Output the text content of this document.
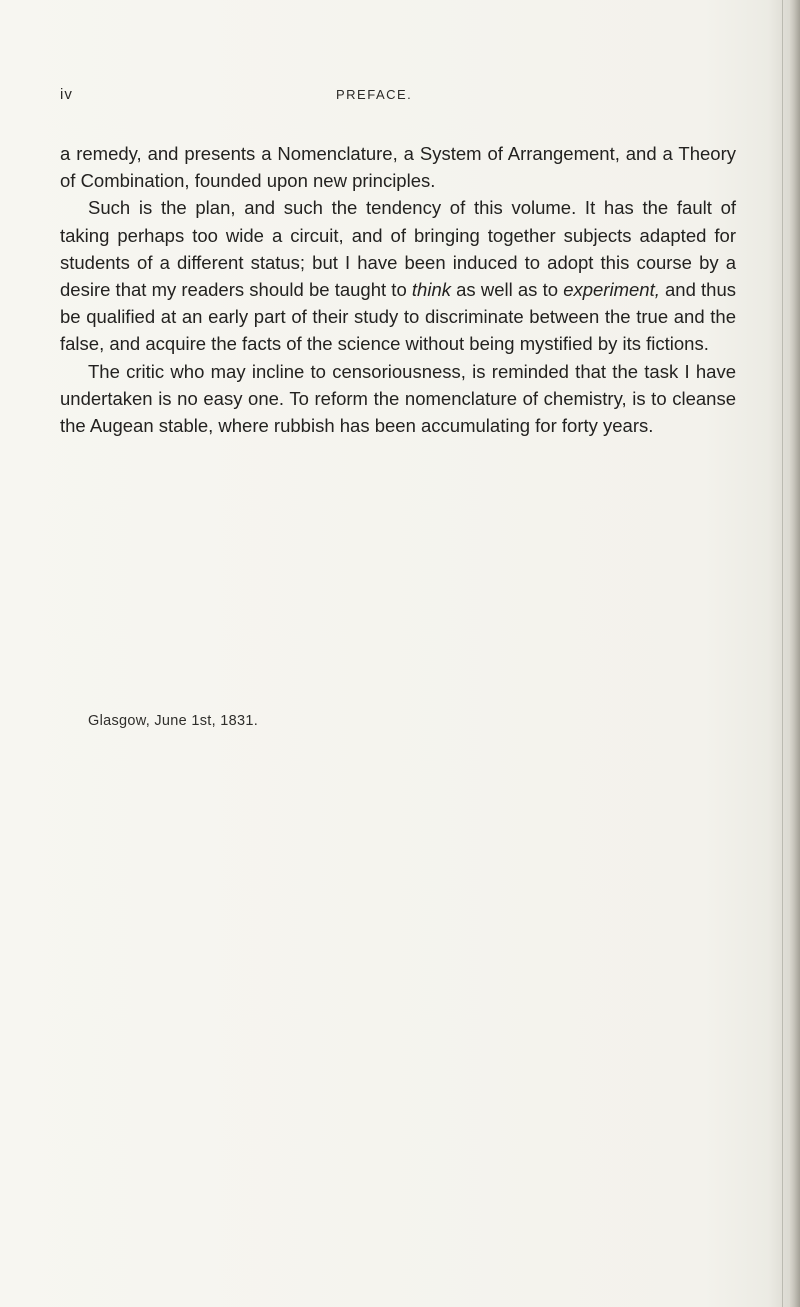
iv	PREFACE.

a remedy, and presents a Nomenclature, a System of Arrangement, and a Theory of Combination, founded upon new principles.

Such is the plan, and such the tendency of this volume. It has the fault of taking perhaps too wide a circuit, and of bringing together subjects adapted for students of a different status; but I have been induced to adopt this course by a desire that my readers should be taught to think as well as to experiment, and thus be qualified at an early part of their study to discriminate between the true and the false, and acquire the facts of the science without being mystified by its fictions.

The critic who may incline to censoriousness, is reminded that the task I have undertaken is no easy one. To reform the nomenclature of chemistry, is to cleanse the Augean stable, where rubbish has been accumulating for forty years.

Glasgow, June 1st, 1831.
